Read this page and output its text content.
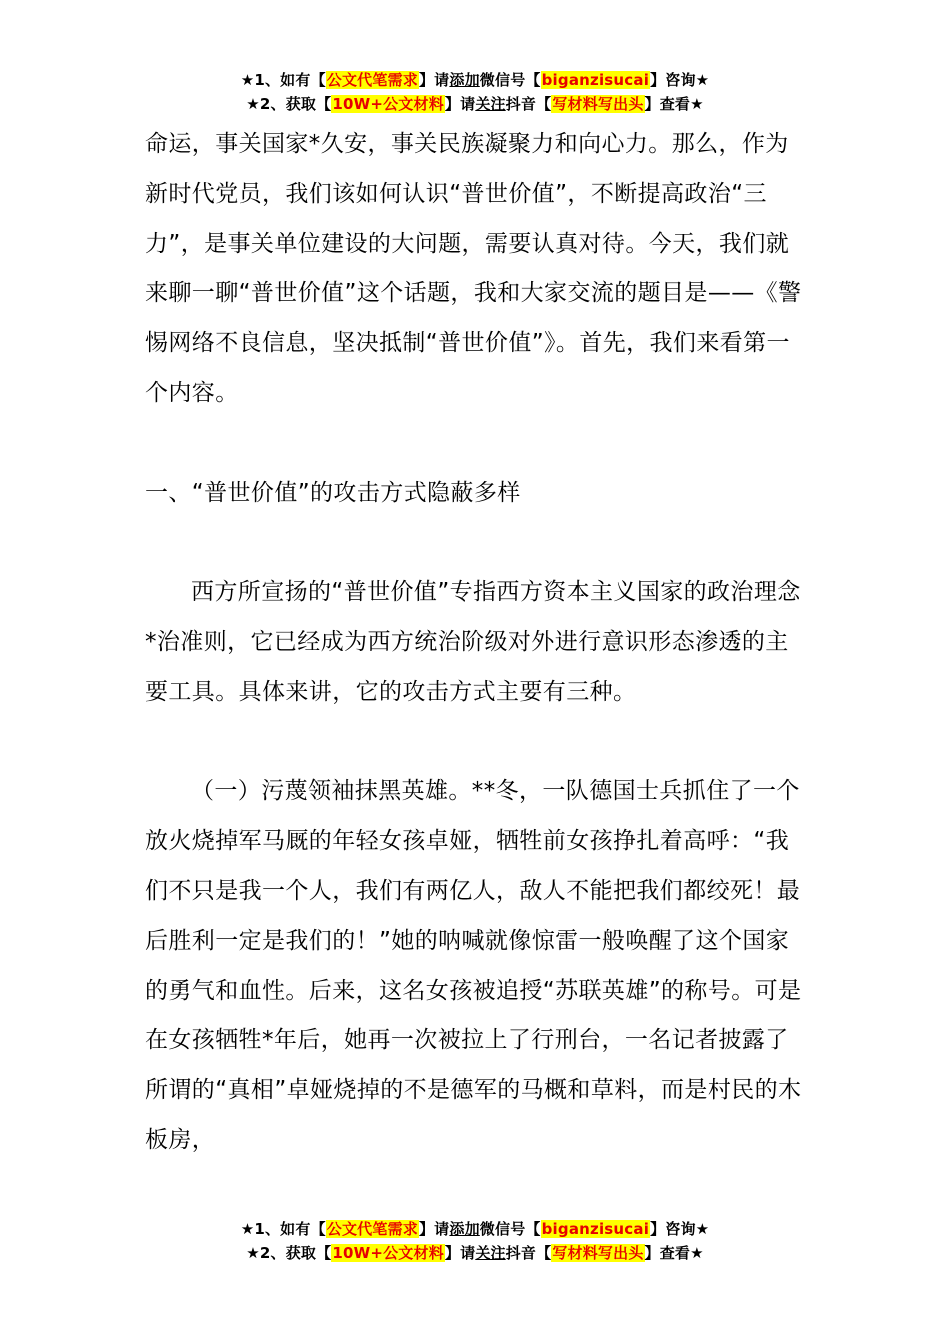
★1、如有【公文代笔需求】请添加微信号【biganzisucai】咨询★
★2、获取【10W+公文材料】请关注抖音【写材料写出头】查看★

命运，事关国家*久安，事关民族凝聚力和向心力。那么，作为新时代党员，我们该如何认识“普世价值”，不断提高政治“三力”，是事关单位建设的大问题，需要认真对待。今天，我们就来聊一聊“普世价值”这个话题，我和大家交流的题目是——《警惕网络不良信息，坚决抵制“普世价值”》。首先，我们来看第一个内容。

一、“普世价值”的攻击方式隐蔽多样

西方所宣扬的“普世价值”专指西方资本主义国家的政治理念*治准则，它已经成为西方统治阶级对外进行意识形态渗透的主要工具。具体来讲，它的攻击方式主要有三种。

（一）污蔑领袖抹黑英雄。**冬，一队德国士兵抓住了一个放火烧掉军马厩的年轻女孩卓娅，牺牲前女孩挣扎着高呼：“我们不只是我一个人，我们有两亿人，敌人不能把我们都绞死！最后胜利一定是我们的！”她的呐喊就像惊雷一般唤醒了这个国家的勇气和血性。后来，这名女孩被追授“苏联英雄”的称号。可是在女孩牺牲*年后，她再一次被拉上了行刑台，一名记者披露了所谓的“真相”卓娅烧掉的不是德军的马概和草料，而是村民的木板房，

★1、如有【公文代笔需求】请添加微信号【biganzisucai】咨询★
★2、获取【10W+公文材料】请关注抖音【写材料写出头】查看★
